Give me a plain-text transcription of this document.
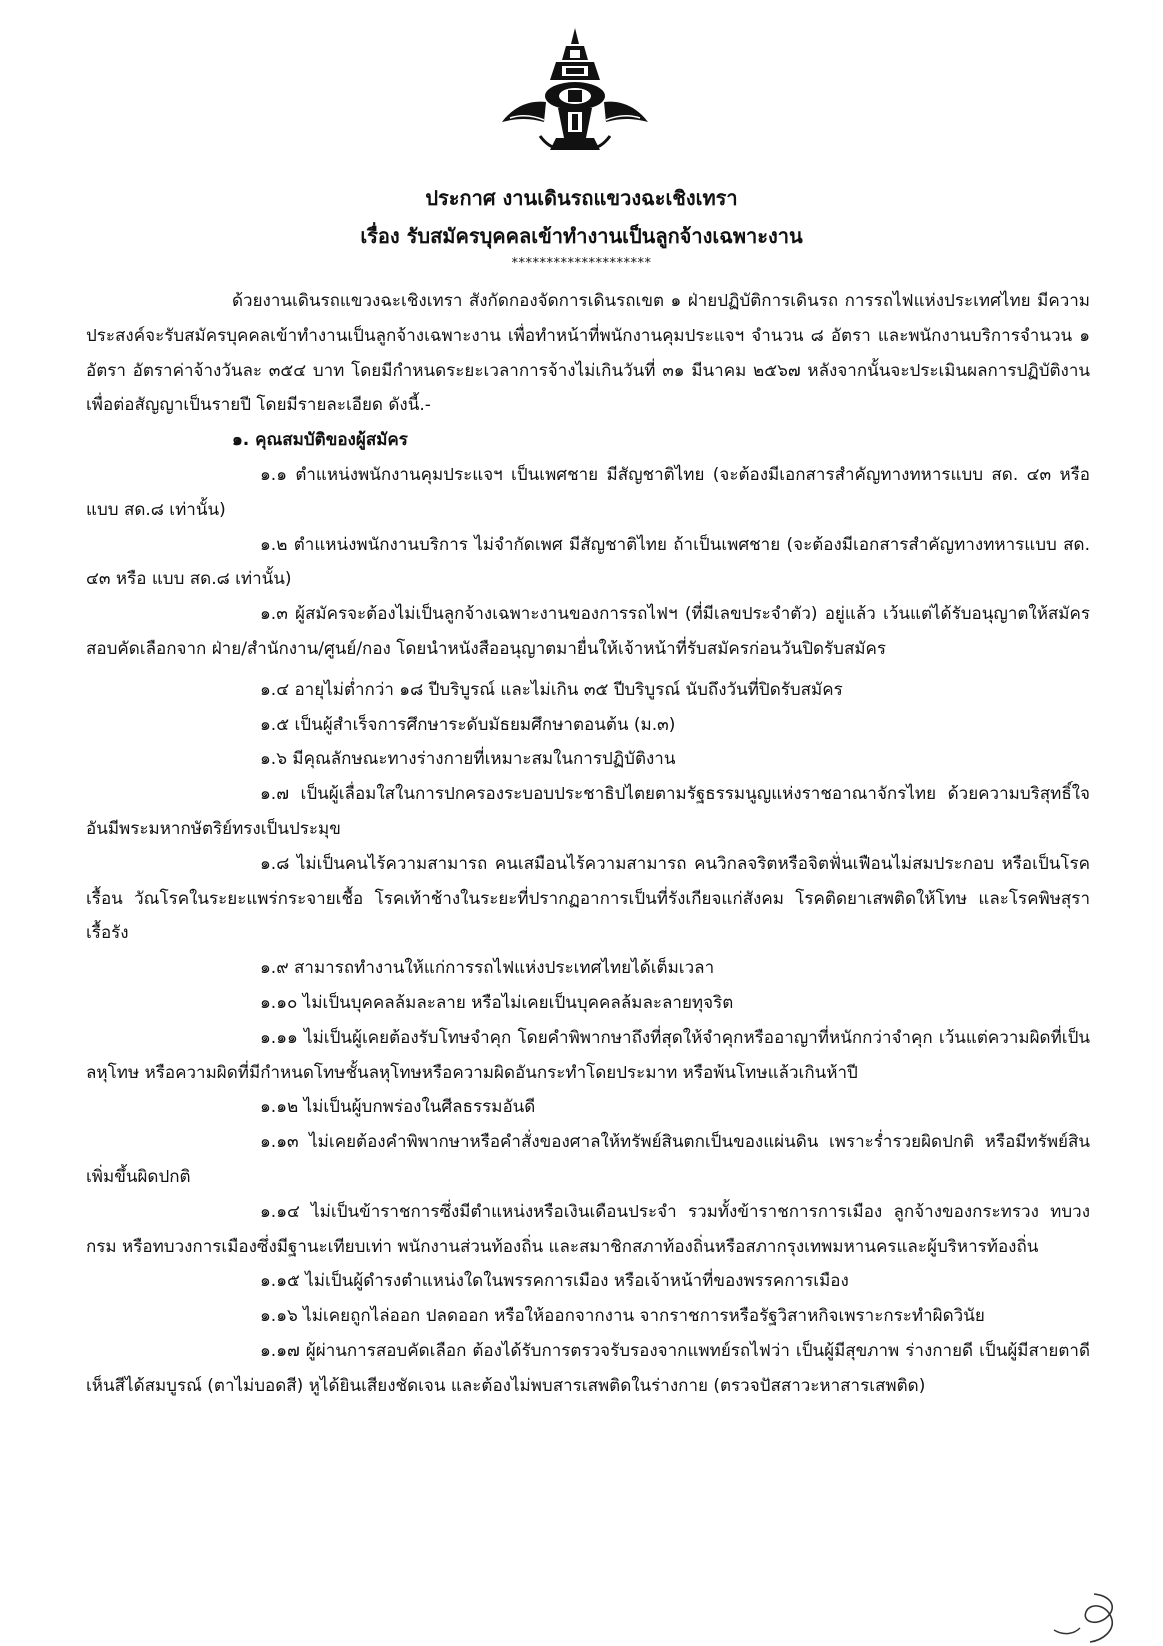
ประกาศ งานเดินรถแขวงฉะเชิงเทรา
เรื่อง รับสมัครบุคคลเข้าทำงานเป็นลูกจ้างเฉพาะงาน
********************

ด้วยงานเดินรถแขวงฉะเชิงเทรา สังกัดกองจัดการเดินรถเขต ๑ ฝ่ายปฏิบัติการเดินรถ การรถไฟแห่งประเทศไทย มีความประสงค์จะรับสมัครบุคคลเข้าทำงานเป็นลูกจ้างเฉพาะงาน เพื่อทำหน้าที่พนักงานคุมประแจฯ จำนวน ๘ อัตรา และพนักงานบริการจำนวน ๑ อัตรา อัตราค่าจ้างวันละ ๓๕๔ บาท โดยมีกำหนดระยะเวลาการจ้างไม่เกินวันที่ ๓๑ มีนาคม ๒๕๖๗ หลังจากนั้นจะประเมินผลการปฏิบัติงานเพื่อต่อสัญญาเป็นรายปี โดยมีรายละเอียด ดังนี้.-

๑. คุณสมบัติของผู้สมัคร

๑.๑ ตำแหน่งพนักงานคุมประแจฯ เป็นเพศชาย มีสัญชาติไทย (จะต้องมีเอกสารสำคัญทางทหารแบบ สด. ๔๓ หรือ แบบ สด.๘ เท่านั้น)

๑.๒ ตำแหน่งพนักงานบริการ ไม่จำกัดเพศ มีสัญชาติไทย ถ้าเป็นเพศชาย (จะต้องมีเอกสารสำคัญทางทหารแบบ สด. ๔๓ หรือ แบบ สด.๘ เท่านั้น)

๑.๓ ผู้สมัครจะต้องไม่เป็นลูกจ้างเฉพาะงานของการรถไฟฯ (ที่มีเลขประจำตัว) อยู่แล้ว เว้นแต่ได้รับอนุญาตให้สมัครสอบคัดเลือกจาก ฝ่าย/สำนักงาน/ศูนย์/กอง โดยนำหนังสืออนุญาตมายื่นให้เจ้าหน้าที่รับสมัครก่อนวันปิดรับสมัคร

๑.๔ อายุไม่ต่ำกว่า ๑๘ ปีบริบูรณ์ และไม่เกิน ๓๕ ปีบริบูรณ์ นับถึงวันที่ปิดรับสมัคร

๑.๕ เป็นผู้สำเร็จการศึกษาระดับมัธยมศึกษาตอนต้น (ม.๓)

๑.๖ มีคุณลักษณะทางร่างกายที่เหมาะสมในการปฏิบัติงาน

๑.๗ เป็นผู้เลื่อมใสในการปกครองระบอบประชาธิปไตยตามรัฐธรรมนูญแห่งราชอาณาจักรไทย ด้วยความบริสุทธิ์ใจ อันมีพระมหากษัตริย์ทรงเป็นประมุข

๑.๘ ไม่เป็นคนไร้ความสามารถ คนเสมือนไร้ความสามารถ คนวิกลจริตหรือจิตฟั่นเฟือนไม่สมประกอบ หรือเป็นโรคเรื้อน วัณโรคในระยะแพร่กระจายเชื้อ โรคเท้าช้างในระยะที่ปรากฏอาการเป็นที่รังเกียจแก่สังคม โรคติดยาเสพติดให้โทษ และโรคพิษสุราเรื้อรัง

๑.๙ สามารถทำงานให้แก่การรถไฟแห่งประเทศไทยได้เต็มเวลา

๑.๑๐ ไม่เป็นบุคคลล้มละลาย หรือไม่เคยเป็นบุคคลล้มละลายทุจริต

๑.๑๑ ไม่เป็นผู้เคยต้องรับโทษจำคุก โดยคำพิพากษาถึงที่สุดให้จำคุกหรืออาญาที่หนักกว่าจำคุก เว้นแต่ความผิดที่เป็นลหุโทษ หรือความผิดที่มีกำหนดโทษชั้นลหุโทษหรือความผิดอันกระทำโดยประมาท หรือพ้นโทษแล้วเกินห้าปี

๑.๑๒ ไม่เป็นผู้บกพร่องในศีลธรรมอันดี

๑.๑๓ ไม่เคยต้องคำพิพากษาหรือคำสั่งของศาลให้ทรัพย์สินตกเป็นของแผ่นดิน เพราะร่ำรวยผิดปกติ หรือมีทรัพย์สินเพิ่มขึ้นผิดปกติ

๑.๑๔ ไม่เป็นข้าราชการซึ่งมีตำแหน่งหรือเงินเดือนประจำ รวมทั้งข้าราชการการเมือง ลูกจ้างของกระทรวง ทบวง กรม หรือทบวงการเมืองซึ่งมีฐานะเทียบเท่า พนักงานส่วนท้องถิ่น และสมาชิกสภาท้องถิ่นหรือสภากรุงเทพมหานครและผู้บริหารท้องถิ่น

๑.๑๕ ไม่เป็นผู้ดำรงตำแหน่งใดในพรรคการเมือง หรือเจ้าหน้าที่ของพรรคการเมือง

๑.๑๖ ไม่เคยถูกไล่ออก ปลดออก หรือให้ออกจากงาน จากราชการหรือรัฐวิสาหกิจเพราะกระทำผิดวินัย

๑.๑๗ ผู้ผ่านการสอบคัดเลือก ต้องได้รับการตรวจรับรองจากแพทย์รถไฟว่า เป็นผู้มีสุขภาพ ร่างกายดี เป็นผู้มีสายตาดี เห็นสีได้สมบูรณ์ (ตาไม่บอดสี) หูได้ยินเสียงชัดเจน และต้องไม่พบสารเสพติดในร่างกาย (ตรวจปัสสาวะหาสารเสพติด)
